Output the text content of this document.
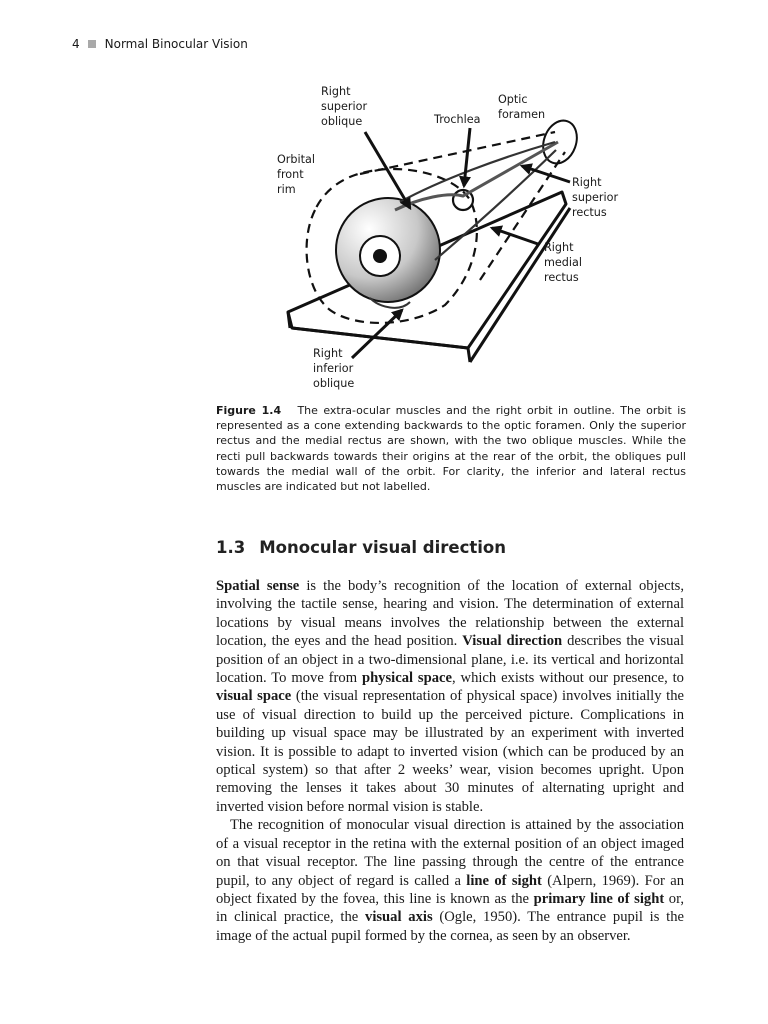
4 Normal Binocular Vision
Right
superior
oblique	Trochlea
Optic
foramen
Orbital
front
rim
Right
superior
rectus
Right medial
rectus
Right
inferior
oblique
Figure 1.4 The extra-ocular muscles and the right orbit in outline. The orbit is represented as a cone extending backwards to the optic foramen. Only the superior rectus and the medial rectus are shown, with the two oblique muscles. While the recti pull backwards towards their origins at the rear of the orbit, the obliques pull towards the medial wall of the orbit. For clarity, the inferior and lateral rectus muscles are indicated but not labelled.
1.3 Monocular visual direction

Spatial sense is the body’s recognition of the location of external objects, involving the tactile sense, hearing and vision. The determination of external locations by visual means involves the relationship between the external location, the eyes and the head position. Visual direction describes the visual position of an object in a two-dimensional plane, i.e. its vertical and horizontal location. To move from physical space, which exists without our presence, to visual space (the visual representation of physical space) involves initially the use of visual direction to build up the perceived picture. Complications in building up visual space may be illustrated by an experiment with inverted vision. It is possible to adapt to inverted vision (which can be produced by an optical system) so that after 2 weeks’ wear, vision becomes upright. Upon removing the lenses it takes about 30 minutes of alternating upright and inverted vision before normal vision is stable.

The recognition of monocular visual direction is attained by the association of a visual receptor in the retina with the external position of an object imaged on that visual receptor. The line passing through the centre of the entrance pupil, to any object of regard is called a line of sight (Alpern, 1969). For an object fixated by the fovea, this line is known as the primary line of sight or, in clinical practice, the visual axis (Ogle, 1950). The entrance pupil is the image of the actual pupil formed by the cornea, as seen by an observer.
